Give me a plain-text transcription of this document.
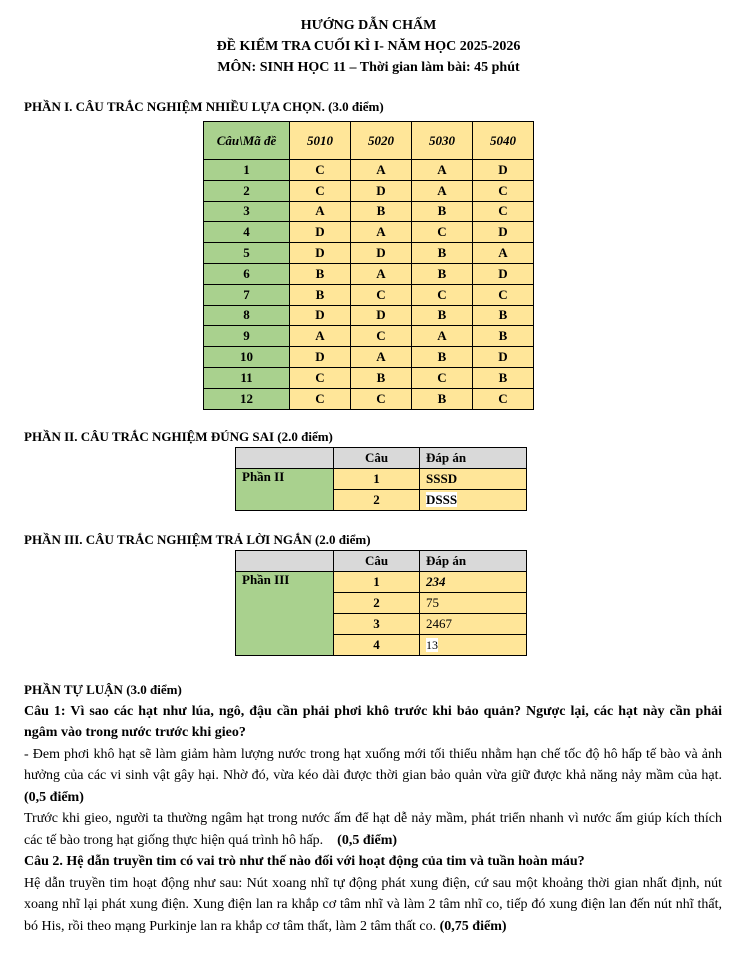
HƯỚNG DẪN CHẤM
ĐỀ KIỂM TRA CUỐI KÌ I- NĂM HỌC 2025-2026
MÔN: SINH HỌC 11 – Thời gian làm bài: 45 phút
PHẦN I. CÂU TRẮC NGHIỆM NHIỀU LỰA CHỌN. (3.0 điểm)
Câu\Mã đề	5010	5020	5030	5040
1	C	A	A	D
2	C	D	A	C
3	A	B	B	C
4	D	A	C	D
5	D	D	B	A
6	B	A	B	D
7	B	C	C	C
8	D	D	B	B
9	A	C	A	B
10	D	A	B	D
11	C	B	C	B
12	C	C	B	C
PHẦN II. CÂU TRẮC NGHIỆM ĐÚNG SAI (2.0 điểm)
	Câu	Đáp án
Phần II	1	SSSD
	2	DSSS
PHẦN III. CÂU TRẮC NGHIỆM TRẢ LỜI NGẮN (2.0 điểm)
	Câu	Đáp án
Phần III	1	234
	2	75
	3	2467
	4	13

PHẦN TỰ LUẬN (3.0 điểm)

Câu 1: Vì sao các hạt như lúa, ngô, đậu cần phải phơi khô trước khi bảo quản? Ngược lại, các hạt này cần phải ngâm vào trong nước trước khi gieo?

- Đem phơi khô hạt sẽ làm giảm hàm lượng nước trong hạt xuống mới tối thiểu nhằm hạn chế tốc độ hô hấp tế bào và ảnh hưởng của các vi sinh vật gây hại. Nhờ đó, vừa kéo dài được thời gian bảo quản vừa giữ được khả năng nảy mầm của hạt. (0,5 điểm)

Trước khi gieo, người ta thường ngâm hạt trong nước ấm để hạt dễ nảy mầm, phát triển nhanh vì nước ấm giúp kích thích các tế bào trong hạt giống thực hiện quá trình hô hấp. (0,5 điểm)

Câu 2. Hệ dẫn truyền tim có vai trò như thế nào đối với hoạt động của tim và tuần hoàn máu?

Hệ dẫn truyền tim hoạt động như sau: Nút xoang nhĩ tự động phát xung điện, cứ sau một khoảng thời gian nhất định, nút xoang nhĩ lại phát xung điện. Xung điện lan ra khắp cơ tâm nhĩ và làm 2 tâm nhĩ co, tiếp đó xung điện lan đến nút nhĩ thất, bó His, rồi theo mạng Purkinje lan ra khắp cơ tâm thất, làm 2 tâm thất co. (0,75 điểm)
